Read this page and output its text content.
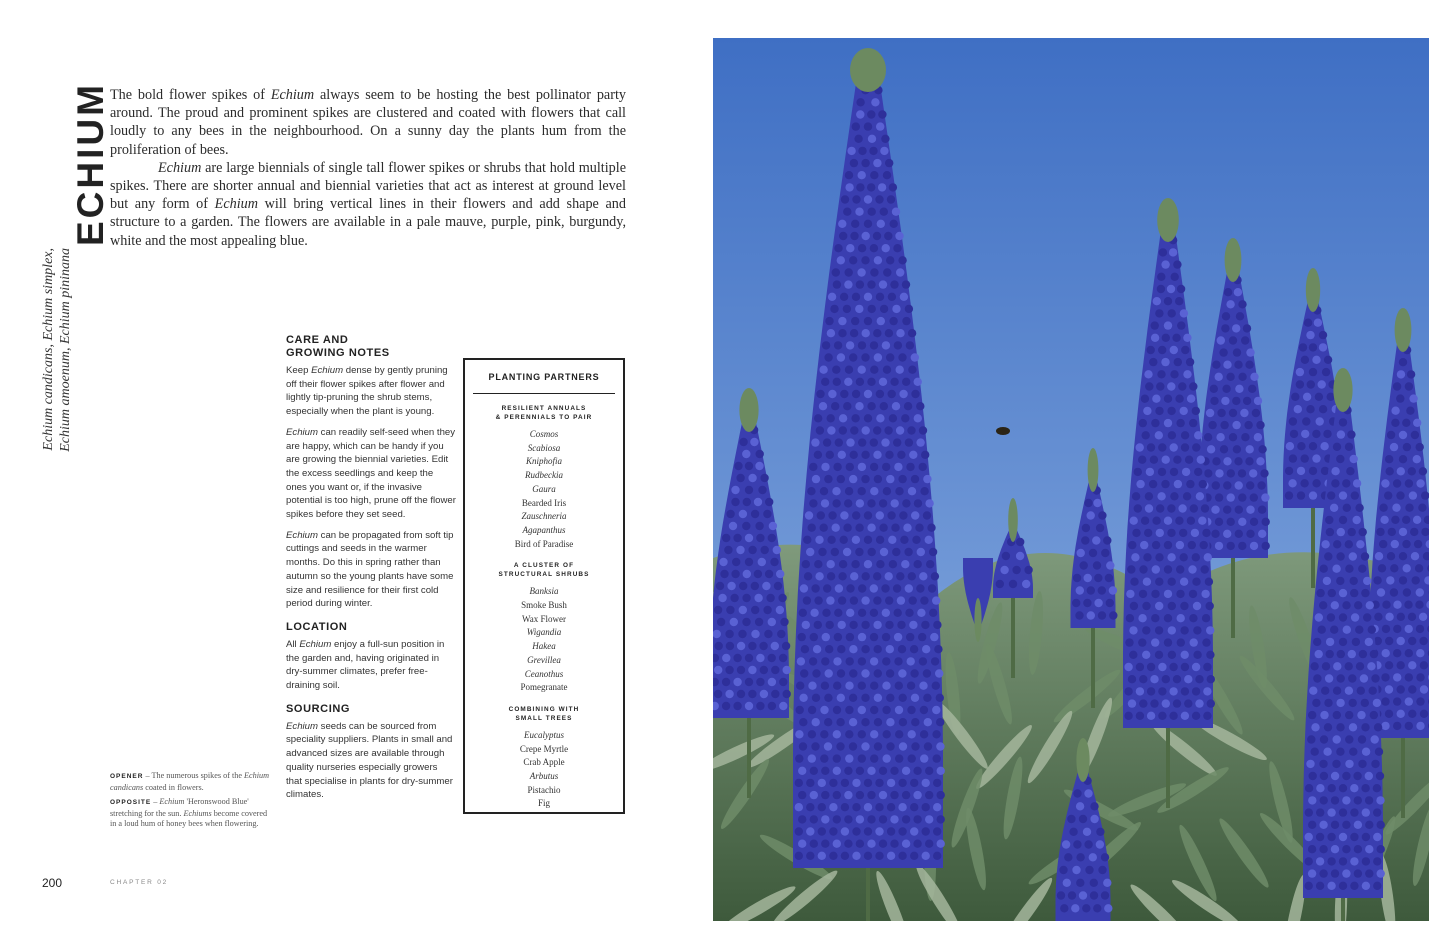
ECHIUM
Echium candicans, Echium simplex, Echium amoenum, Echium pininana

The bold flower spikes of Echium always seem to be hosting the best pollinator party around. The proud and prominent spikes are clustered and coated with flowers that call loudly to any bees in the neighbourhood. On a sunny day the plants hum from the proliferation of bees.

Echium are large biennials of single tall flower spikes or shrubs that hold multiple spikes. There are shorter annual and biennial varieties that act as interest at ground level but any form of Echium will bring vertical lines in their flowers and add shape and structure to a garden. The flowers are available in a pale mauve, purple, pink, burgundy, white and the most appealing blue.

CARE AND GROWING NOTES

Keep Echium dense by gently pruning off their flower spikes after flower and lightly tip-pruning the shrub stems, especially when the plant is young.

Echium can readily self-seed when they are happy, which can be handy if you are growing the biennial varieties. Edit the excess seedlings and keep the ones you want or, if the invasive potential is too high, prune off the flower spikes before they set seed.

Echium can be propagated from soft tip cuttings and seeds in the warmer months. Do this in spring rather than autumn so the young plants have some size and resilience for their first cold period during winter.

LOCATION

All Echium enjoy a full-sun position in the garden and, having originated in dry-summer climates, prefer free-draining soil.

SOURCING

Echium seeds can be sourced from speciality suppliers. Plants in small and advanced sizes are available through quality nurseries especially growers that specialise in plants for dry-summer climates.

PLANTING PARTNERS
RESILIENT ANNUALS
& PERENNIALS TO PAIR
Cosmos
Scabiosa
Kniphofia
Rudbeckia
Gaura
Bearded Iris
Zauschneria
Agapanthus
Bird of Paradise
A CLUSTER OF
STRUCTURAL SHRUBS
Banksia
Smoke Bush
Wax Flower
Wigandia
Hakea
Grevillea
Ceanothus
Pomegranate
COMBINING WITH
SMALL TREES
Eucalyptus
Crepe Myrtle
Crab Apple
Arbutus
Pistachio
Fig

OPENER – The numerous spikes of the Echium candicans coated in flowers.

OPPOSITE – Echium 'Heronswood Blue' stretching for the sun. Echiums become covered in a loud hum of honey bees when flowering.

200	CHAPTER 02
